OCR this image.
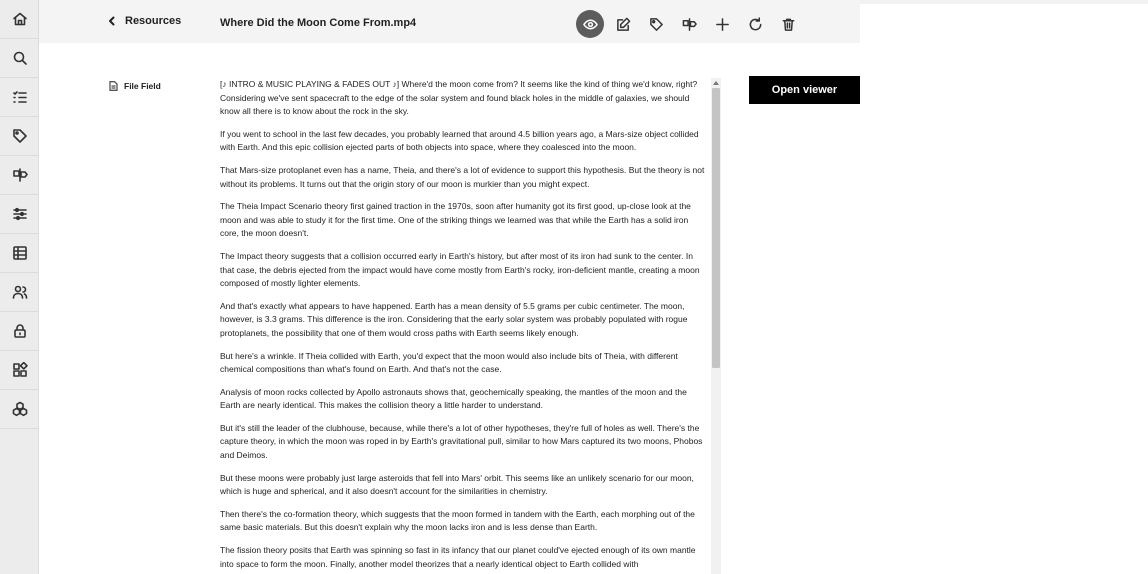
Resources	Where Did the Moon Come From.mp4
File Field	[♪ INTRO & MUSIC PLAYING & FADES OUT ♪] Where'd the moon come from? It seems like the kind of thing we'd know, right? Considering we've sent spacecraft to the edge of the solar system and found black holes in the middle of galaxies, we should know all there is to know about the rock in the sky.

If you went to school in the last few decades, you probably learned that around 4.5 billion years ago, a Mars-size object collided with Earth. And this epic collision ejected parts of both objects into space, where they coalesced into the moon.

That Mars-size protoplanet even has a name, Theia, and there's a lot of evidence to support this hypothesis. But the theory is not without its problems. It turns out that the origin story of our moon is murkier than you might expect.

The Theia Impact Scenario theory first gained traction in the 1970s, soon after humanity got its first good, up-close look at the moon and was able to study it for the first time. One of the striking things we learned was that while the Earth has a solid iron core, the moon doesn't.

The Impact theory suggests that a collision occurred early in Earth's history, but after most of its iron had sunk to the center. In that case, the debris ejected from the impact would have come mostly from Earth's rocky, iron-deficient mantle, creating a moon composed of mostly lighter elements.

And that's exactly what appears to have happened. Earth has a mean density of 5.5 grams per cubic centimeter. The moon, however, is 3.3 grams. This difference is the iron. Considering that the early solar system was probably populated with rogue protoplanets, the possibility that one of them would cross paths with Earth seems likely enough.

But here's a wrinkle. If Theia collided with Earth, you'd expect that the moon would also include bits of Theia, with different chemical compositions than what's found on Earth. And that's not the case.

Analysis of moon rocks collected by Apollo astronauts shows that, geochemically speaking, the mantles of the moon and the Earth are nearly identical. This makes the collision theory a little harder to understand.

But it's still the leader of the clubhouse, because, while there's a lot of other hypotheses, they're full of holes as well. There's the capture theory, in which the moon was roped in by Earth's gravitational pull, similar to how Mars captured its two moons, Phobos and Deimos.

But these moons were probably just large asteroids that fell into Mars' orbit. This seems like an unlikely scenario for our moon, which is huge and spherical, and it also doesn't account for the similarities in chemistry.

Then there's the co-formation theory, which suggests that the moon formed in tandem with the Earth, each morphing out of the same basic materials. But this doesn't explain why the moon lacks iron and is less dense than Earth.

The fission theory posits that Earth was spinning so fast in its infancy that our planet could've ejected enough of its own mantle into space to form the moon. Finally, another model theorizes that a nearly identical object to Earth collided with

Open viewer
